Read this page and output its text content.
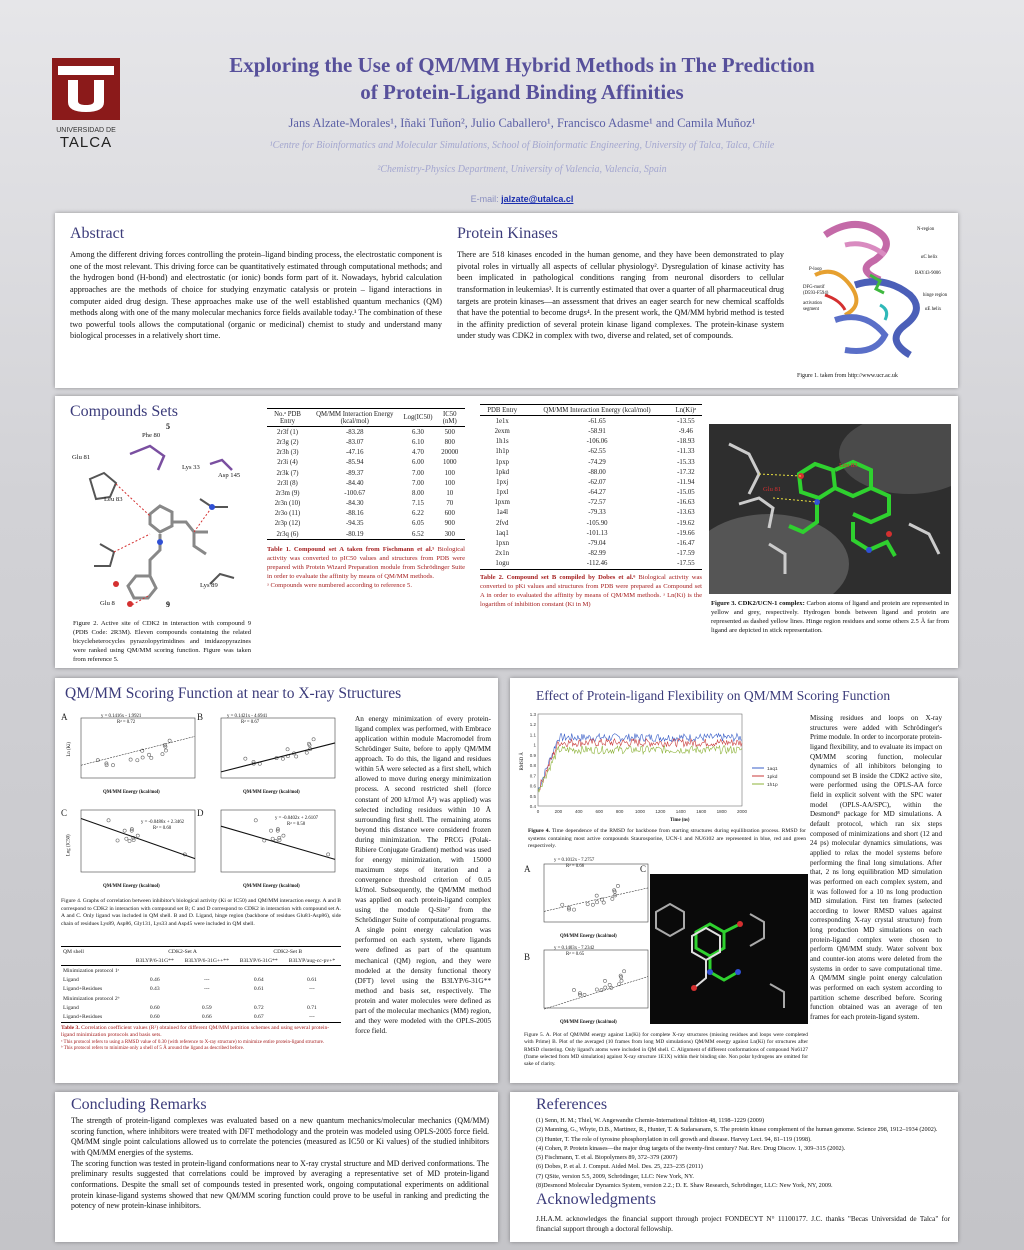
UNIVERSIDAD DE
TALCA
Exploring the Use of QM/MM Hybrid Methods in The Prediction
of Protein-Ligand Binding Affinities
Jans Alzate-Morales¹, Iñaki Tuñon², Julio Caballero¹, Francisco Adasme¹ and Camila Muñoz¹
¹Centre for Bioinformatics and Molecular Simulations, School of Bioinformatic Engineering, University of Talca, Talca, Chile
²Chemistry-Physics Department, University of Valencia, Valencia, Spain
E-mail: jalzate@utalca.cl
Abstract
Among the different driving forces controlling the protein–ligand binding process, the electrostatic component is one of the most relevant. This driving force can be quantitatively estimated through computational methods; and the hydrogen bond (H-bond) and electrostatic (or ionic) bonds form part of it. Nowadays, hybrid calculation approaches are the methods of choice for studying enzymatic catalysis or protein – ligand interactions in computer aided drug design. These approaches make use of the well established quantum mechanics (QM) methods along with one of the many molecular mechanics force fields available today.¹ The combination of these two powerful tools allows the computational (organic or medicinal) chemist to study and understand many biological processes in a relatively short time.
Protein Kinases
There are 518 kinases encoded in the human genome, and they have been demonstrated to play pivotal roles in virtually all aspects of cellular physiology². Dysregulation of kinase activity has been implicated in pathological conditions ranging from neuronal disorders to cellular transformation in leukemias³. It is currently estimated that over a quarter of all pharmaceutical drug targets are protein kinases—an assessment that drives an eager search for new chemical scaffolds that have the potential to become drugs⁴. In the present work, the QM/MM hybrid method is tested in the affinity prediction of several protein kinase ligand complexes. The protein-kinase system under study was CDK2 in complex with two, diverse and related, set of compounds.
N-region
αC helix
P-loop
BAY43-9006
DFG-motif (D593-F594)
activation segment
hinge region
αE helix
Figure 1. taken from http://www.ucr.ac.uk
Compounds Sets
Phe 80
Glu 81
Lys 33
Asp 145
Leu 83
Lys 89
Glu 8
5
9
Figure 2. Active site of CDK2 in interaction with compound 9 (PDB Code: 2R3M). Eleven compounds containing the related bicycleheterocycles pyrazolopyrimidines and imidazopyrazines were ranked using QM/MM scoring function. Figure was taken from reference 5.
No.ᵃ PDB Entry	QM/MM Interaction Energy (kcal/mol)	Log(IC50)	IC50 (nM)
2r3f (1)	-83.28	6.30	500
2r3g (2)	-83.07	6.10	800
2r3h (3)	-47.16	4.70	20000
2r3i (4)	-85.94	6.00	1000
2r3k (7)	-89.37	7.00	100
2r3l (8)	-84.40	7.00	100
2r3m (9)	-100.67	8.00	10
2r3n (10)	-84.30	7.15	70
2r3o (11)	-88.16	6.22	600
2r3p (12)	-94.35	6.05	900
2r3q (6)	-80.19	6.52	300
Table 1. Compound set A taken from Fischmann et al.⁵ Biological activity was converted to pIC50 values and structures from PDB were prepared with Protein Wizard Preparation module from Schrödinger Suite in order to evaluate the affinity by means of QM/MM methods.
ᵃ Compounds were numbered according to reference 5.
PDB Entry	QM/MM Interaction Energy (kcal/mol)	Ln(Ki)ᵃ
1e1x	-61.65	-13.55
2exm	-58.91	-9.46
1h1s	-106.06	-18.93
1h1p	-62.55	-11.33
1pxp	-74.29	-15.33
1pkd	-88.00	-17.32
1pxj	-62.07	-11.94
1pxl	-64.27	-15.05
1pxm	-72.57	-16.63
1a4l	-79.33	-13.63
2fvd	-105.90	-19.62
1aq1	-101.13	-19.66
1pxn	-79.04	-16.47
2x1n	-82.99	-17.59
1ogu	-112.46	-17.55
Table 2. Compound set B compiled by Dobes et al.⁶ Biological activity was converted to pKi values and structures from PDB were prepared as Compound set A in order to evaluated the affinity by means of QM/MM methods. ᵃ Ln(Ki) is the logarithm of inhibition constant (Ki in M)
Leu 83
Glu 81
Figure 3. CDK2/UCN-1 complex: Carbon atoms of ligand and protein are represented in yellow and grey, respectively. Hydrogen bonds between ligand and protein are represented as dashed yellow lines. Hinge region residues and some others 2.5 Å far from ligand are depicted in stick representation.
QM/MM Scoring Function at near to X-ray Structures
A	y = 0.1416x - 1.9921
R² = 0.72
Ln (Ki)
QM/MM Energy (kcal/mol)
B	y = 0.1421x - 4.6941
R² = 0.67
QM/MM Energy (kcal/mol)
C
y = -0.0486x + 2.3462
R² = 0.60
Log (IC50)
QM/MM Energy (kcal/mol)
D
y = -0.0402x + 2.6107
R² = 0.58
QM/MM Energy (kcal/mol)
Figure 4. Graphs of correlation between inhibitor's biological activity (Ki or IC50) and QM/MM interaction energy. A and B correspond to CDK2 in interaction with compound set B; C and D correspond to CDK2 in interaction with compound set A. A and C. Only ligand was included in QM shell. B and D. Ligand, hinge region (backbone of residues Glu81-Asp86), side chain of residues Lys89, Asp86, Gly131, Lys33 and Asp45 were included in QM shell.
QM shell	CDK2-Set A		CDK2-Set B	
	B3LYP/6-31G**	B3LYP/6-31G++**	B3LYP/6-31G**	B3LYP/aug-cc-pv+*
Minimization protocol 1ᵃ				
Ligand	0.46	---	0.64	0.61
Ligand+Residues	0.43	---	0.61	---
Minimization protocol 2ᵇ				
Ligand	0.60	0.59	0.72	0.71
Ligand+Residues	0.60	0.66	0.67	---
Table 3. Correlation coefficient values (R²) obtained for different QM/MM partition schemes and using several protein-ligand minimization protocols and basis sets.
ᵃ This protocol refers to using a RMSD value of 0.30 (with reference to X-ray structure) to minimize entire protein-ligand structure.
ᵇ This protocol refers to minimize only a shell of 5 Å around the ligand as described before.
An energy minimization of every protein-ligand complex was performed, with Embrace application within module Macromodel from Schrödinger Suite, before to apply QM/MM approach. To do this, the ligand and residues within 5Å were selected as a first shell, which allowed to move during energy minimization process. A second restricted shell (force constant of 200 kJ/mol Å²) was applied) was selected including residues within 10 Å surrounding first shell. The remaining atoms beyond this distance were considered frozen during minimization. The PRCG (Polak-Ribiere Conjugate Gradient) method was used for energy minimization, with 15000 maximum steps of iteration and a convergence threshold criterion of 0.05 kJ/mol. Subsequently, the QM/MM method was applied on each protein-ligand complex using the module Q-Site⁷ from the Schrödinger Suite of computational programs. A single point energy calculation was performed on each system, where ligands were defined as part of the quantum mechanical (QM) region, and they were modeled at the density functional theory (DFT) level using the B3LYP/6-31G** method and basis set, respectively. The protein and water molecules were defined as part of the molecular mechanics (MM) region, and they were modeled with the OPLS-2005 force field.
Effect of Protein-ligand Flexibility on QM/MM Scoring Function
1.3
1.2
1.1
1
0.9
0.8
0.7
0.6
0.5
0.4
0	200	400	600	800	1000 1200 1400 1600 1800 2000
1aq1
1pkd
1h1p
RMSD Å
Time (ns)
Figure 4. Time dependence of the RMSD for backbone from starting structures during equilibration process. RMSD for systems containing most active compounds Staurosporine, UCN-1 and NU6102 are represented in blue, red and green respectively.
A
y = 0.1012x - 7.2757
R² = 0.66
QM/MM Energy (kcal/mol)
B
y = 0.1403x - 7.2342
R² = 0.65
QM/MM Energy (kcal/mol)
C
Figure 5. A. Plot of QM/MM energy against Ln(Ki) for complete X-ray structures (missing residues and loops were completed with Prime) B. Plot of the averaged (10 frames from long MD simulations) QM/MM energy against Ln(Ki) for structures after RMSD clustering. Only ligand's atoms were included in QM shell. C. Alignment of different conformations of compound Nu6127 (frame selected from MD simulation) against X-ray structure 1E1X) within their binding site. Non polar hydrogens are omitted for sake of clarity.
Missing residues and loops on X-ray structures were added with Schrödinger's Prime module. In order to incorporate protein-ligand flexibility, and to evaluate its impact on QM/MM scoring function, molecular dynamics of all inhibitors belonging to compound set B inside the CDK2 active site, were performed using the OPLS-AA force field in explicit solvent with the SPC water model (OPLS-AA/SPC), within the Desmond⁸ package for MD simulations. A default protocol, which ran six steps composed of minimizations and short (12 and 24 ps) molecular dynamics simulations, was applied to relax the model systems before performing the final long simulations. After that, 2 ns long equilibration MD simulation was performed on each complex system, and it was followed for a 10 ns long production MD simulation. First ten frames (selected according to lower RMSD values against corresponding X-ray crystal structure) from long production MD simulations on each protein-ligand complex were chosen to perform QM/MM study. Water solvent box and counter-ion atoms were deleted from the systems in order to save computational time. A QM/MM single point energy calculation was performed on each system according to partition scheme described before. Scoring function obtained was an average of ten frames for each protein-ligand system.
Concluding Remarks
The strength of protein-ligand complexes was evaluated based on a new quantum mechanics/molecular mechanics (QM/MM) scoring function, where inhibitors were treated with DFT methodology and the protein was modeled using OPLS-2005 force field. QM/MM single point calculations allowed us to correlate the potencies (measured as IC50 or Ki values) of the studied inhibitors with QM/MM energies of the systems.
The scoring function was tested in protein-ligand conformations near to X-ray crystal structure and MD derived conformations. The preliminary results suggested that correlations could be improved by averaging a representative set of MD protein-ligand conformations. Despite the small set of compounds tested in presented work, ongoing computational experiments on additional protein kinase-ligand systems showed that new QM/MM scoring function could prove to be useful in ranking and predicting the potency of new protein-kinase inhibitors.
References
(1) Senn, H. M.; Thiel, W. Angewandte Chemie-International Edition 48, 1198–1229 (2009)
(2) Manning, G., Whyte, D.B., Martinez, R., Hunter, T. & Sudarsanam, S. The protein kinase complement of the human genome. Science 298, 1912–1934 (2002).
(3) Hunter, T. The role of tyrosine phosphorylation in cell growth and disease. Harvey Lect. 94, 81–119 (1998).
(4) Cohen, P. Protein kinases—the major drug targets of the twenty-first century? Nat. Rev. Drug Discov. 1, 309–315 (2002).
(5) Fischmann, T. et al. Biopolymers 89, 372–379 (2007)
(6) Dobes, P. et al. J. Comput. Aided Mol. Des. 25, 223–235 (2011)
(7) QSite, version 5.5, 2009, Schrödinger, LLC: New York, NY.
(8)Desmond Molecular Dynamics System, version 2.2.; D. E. Shaw Research, Schrödinger, LLC: New York, NY, 2009.
Acknowledgments
J.H.A.M. acknowledges the financial support through project FONDECYT N° 11100177. J.C. thanks "Becas Universidad de Talca" for financial support through a doctoral fellowship.
